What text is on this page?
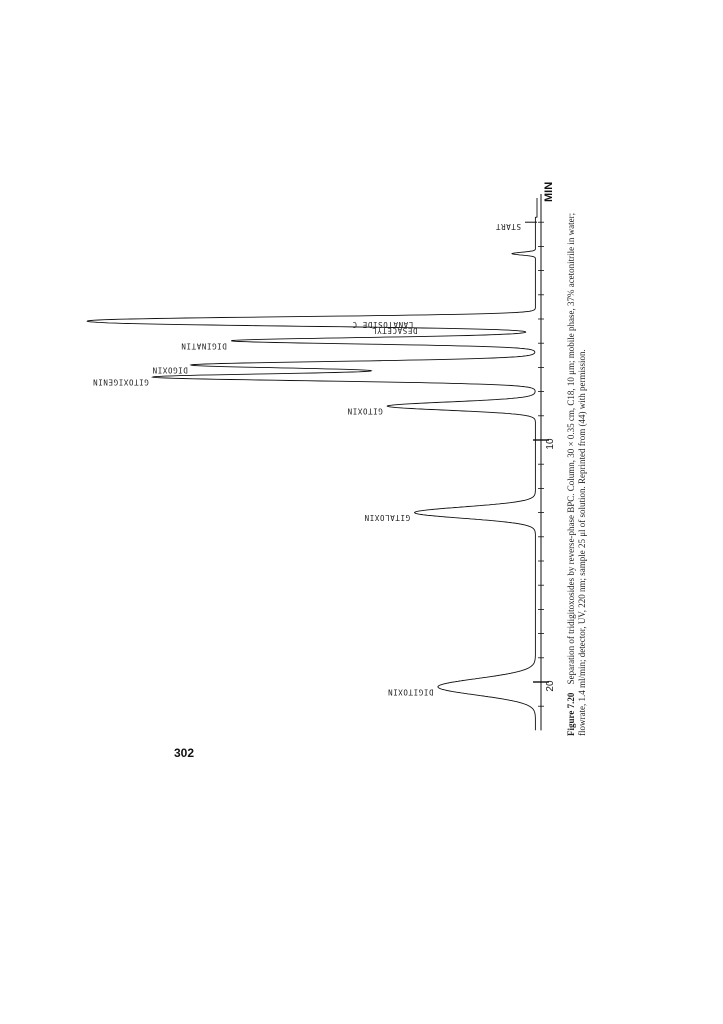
10
20
MIN
START
LANATOSIDE C
DESACETYL
DIGINATIN
DIGOXIN
GITOXIGENIN
GITOXIN
GITALOXIN
DIGITOXIN
Figure 7.20 Separation of tridigitoxosides by reverse-phase BPC. Column, 30 × 0.35 cm, C18, 10 μm; mobile phase, 37% acetonitrile in water; flowrate, 1.4 ml/min; detector, UV, 220 nm; sample 25 μl of solution. Reprinted from (44) with permission.
302
